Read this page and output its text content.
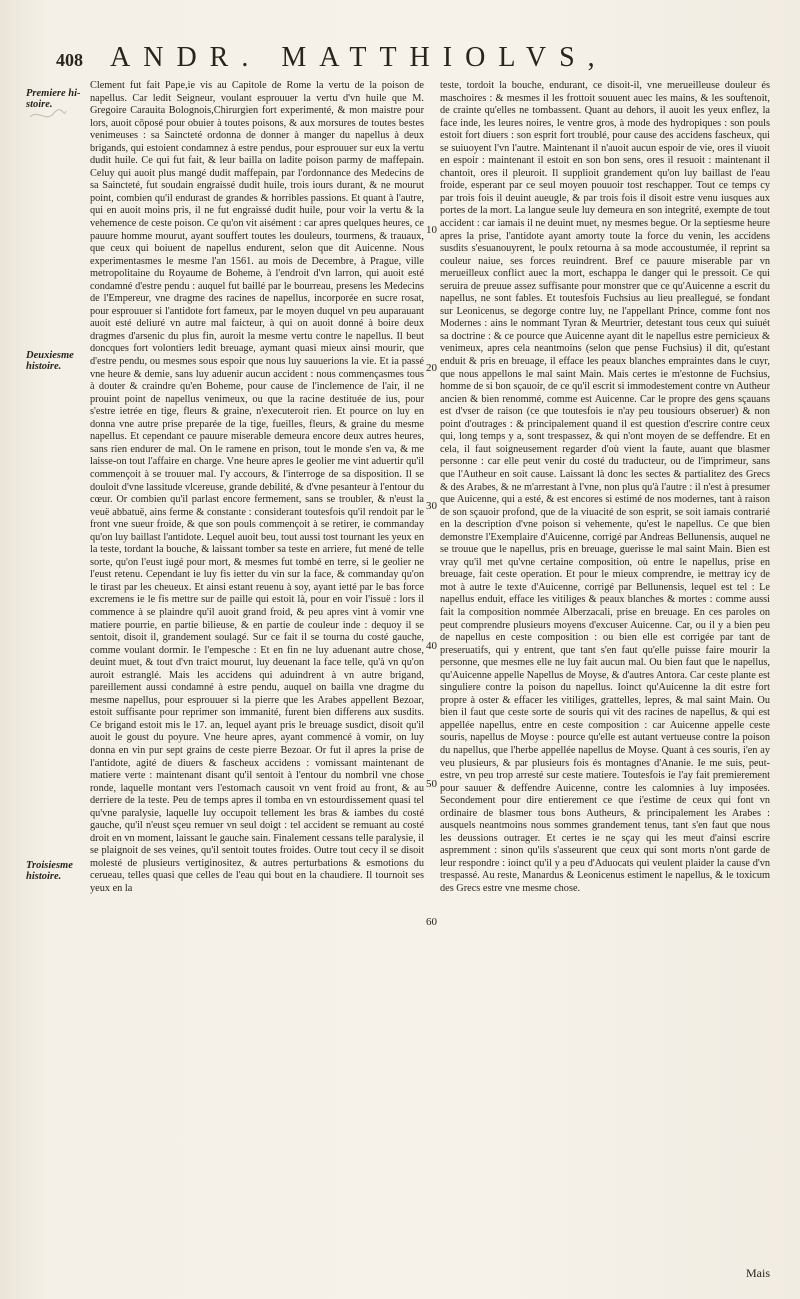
408 ANDR. MATTHIOLVS,
Premiere hi-
stoire.
Deuxiesme
histoire.
Troisiesme
histoire.
10
20
30
40
50
60

Clement fut fait Pape,ie vis au Capitole de Rome la vertu de la poison de napellus. Car ledit Seigneur, voulant esprouuer la vertu d'vn huile que M. Gregoire Carauita Bolognois,Chirurgien fort experimenté, & mon maistre pour lors, auoit cōposé pour obuier à toutes poisons, & aux morsures de toutes bestes venimeuses : sa Saincteté ordonna de donner à manger du napellus à deux brigands, qui estoient condamnez à estre pendus, pour esprouuer sur eux la vertu dudit huile. Ce qui fut fait, & leur bailla on ladite poison parmy de maffepain. Celuy qui auoit plus mangé dudit maffepain, par l'ordonnance des Medecins de sa Saincteté, fut soudain engraissé dudit huile, trois iours durant, & ne mourut point, combien qu'il endurast de grandes & horribles passions. Et quant à l'autre, qui en auoit moins pris, il ne fut engraissé dudit huile, pour voir la vertu & la vehemence de ceste poison. Ce qu'on vit aisément : car apres quelques heures, ce pauure homme mourut, ayant souffert toutes les douleurs, tourmens, & trauaux, que ceux qui boiuent de napellus endurent, selon que dit Auicenne. Nous experimentasmes le mesme l'an 1561. au mois de Decembre, à Prague, ville metropolitaine du Royaume de Boheme, à l'endroit d'vn larron, qui auoit esté condamné d'estre pendu : auquel fut baillé par le bourreau, presens les Medecins de l'Empereur, vne dragme des racines de napellus, incorporée en sucre rosat, pour esprouuer si l'antidote fort fameux, par le moyen duquel vn peu auparauant auoit esté deliuré vn autre mal faicteur, à qui on auoit donné à boire deux dragmes d'arsenic du plus fin, auroit la mesme vertu contre le napellus. Il beut doncques fort volontiers ledit breuage, aymant quasi mieux ainsi mourir, que d'estre pendu, ou mesmes sous espoir que nous luy sauuerions la vie. Et ia passé vne heure & demie, sans luy aduenir aucun accident : nous commençasmes tous à douter & craindre qu'en Boheme, pour cause de l'inclemence de l'air, il ne prouint point de napellus venimeux, ou que la racine destituée de ius, pour s'estre ietrée en tige, fleurs & graine, n'executeroit rien. Et pource on luy en donna vne autre prise preparée de la tige, fueilles, fleurs, & graine du mesme napellus. Et cependant ce pauure miserable demeura encore deux autres heures, sans rien endurer de mal. On le ramene en prison, tout le monde s'en va, & me laisse-on tout l'affaire en charge. Vne heure apres le geolier me vint aduertir qu'il commençoit à se trouuer mal. I'y accours, & l'interroge de sa disposition. Il se douloit d'vne lassitude vlcereuse, grande debilité, & d'vne pesanteur à l'entour du cœur. Or combien qu'il parlast encore fermement, sans se troubler, & n'eust la veuë abbatuë, ains ferme & constante : considerant toutesfois qu'il rendoit par le front vne sueur froide, & que son pouls commençoit à se retirer, ie commanday qu'on luy baillast l'antidote. Lequel auoit beu, tout aussi tost tournant les yeux en la teste, tordant la bouche, & laissant tomber sa teste en arriere, fut mené de telle sorte, qu'on l'eust iugé pour mort, & mesmes fut tombé en terre, si le geolier ne l'eust retenu. Cependant ie luy fis ietter du vin sur la face, & commanday qu'on le tirast par les cheueux. Et ainsi estant reuenu à soy, ayant ietté par le bas force excremens ie le fis mettre sur de paille qui estoit là, pour en voir l'issuë : lors il commence à se plaindre qu'il auoit grand froid, & peu apres vint à vomir vne matiere pourrie, en partie bilieuse, & en partie de couleur inde : dequoy il se sentoit, disoit il, grandement soulagé. Sur ce fait il se tourna du costé gauche, comme voulant dormir. Ie l'empesche : Et en fin ne luy aduenant autre chose, deuint muet, & tout d'vn traict mourut, luy deuenant la face telle, qu'à vn qu'on auroit estranglé. Mais les accidens qui aduindrent à vn autre brigand, pareillement aussi condamné à estre pendu, auquel on bailla vne dragme du mesme napellus, pour esprouuer si la pierre que les Arabes appellent Bezoar, estoit suffisante pour reprimer son immanité, furent bien differens aux susdits. Ce brigand estoit mis le 17. an, lequel ayant pris le breuage susdict, disoit qu'il auoit le goust du poyure. Vne heure apres, ayant commencé à vomir, on luy donna en vin pur sept grains de ceste pierre Bezoar. Or fut il apres la prise de l'antidote, agité de diuers & fascheux accidens : vomissant maintenant de matiere verte : maintenant disant qu'il sentoit à l'entour du nombril vne chose ronde, laquelle montant vers l'estomach causoit vn vent froid au front, & au derriere de la teste. Peu de temps apres il tomba en vn estourdissement quasi tel qu'vne paralysie, laquelle luy occupoit tellement les bras & iambes du costé gauche, qu'il n'eust sçeu remuer vn seul doigt : tel accident se remuant au costé droit en vn moment, laissant le gauche sain. Finalement cessans telle paralysie, il se plaignoit de ses veines, qu'il sentoit toutes froides. Outre tout cecy il se disoit molesté de plusieurs vertiginositez, & autres perturbations & esmotions du cerueau, telles quasi que celles de l'eau qui bout en la chaudiere. Il tournoit ses yeux en la

teste, tordoit la bouche, endurant, ce disoit-il, vne merueilleuse douleur és maschoires : & mesmes il les frottoit souuent auec les mains, & les souftenoit, de crainte qu'elles ne tombassent. Quant au dehors, il auoit les yeux enflez, la face inde, les leures noires, le ventre gros, à mode des hydropiques : son pouls estoit fort diuers : son esprit fort troublé, pour cause des accidens fascheux, qui se suiuoyent l'vn l'autre. Maintenant il n'auoit aucun espoir de vie, ores il viuoit en espoir : maintenant il estoit en son bon sens, ores il resuoit : maintenant il chantoit, ores il pleuroit. Il supplioit grandement qu'on luy baillast de l'eau froide, esperant par ce seul moyen pouuoir tost reschapper. Tout ce temps cy par trois fois il deuint aueugle, & par trois fois il disoit estre venu iusques aux portes de la mort. La langue seule luy demeura en son integrité, exempte de tout accident : car iamais il ne deuint muet, ny mesmes begue. Or la septiesme heure apres la prise, l'antidote ayant amorty toute la force du venin, les accidens susdits s'esuanouyrent, le poulx retourna à sa mode accoustumée, il reprint sa couleur naiue, ses forces reuindrent. Bref ce pauure miserable par vn merueilleux conflict auec la mort, eschappa le danger qui le pressoit. Ce qui seruira de preuue assez suffisante pour monstrer que ce qu'Auicenne a escrit du napellus, ne sont fables. Et toutesfois Fuchsius au lieu preallegué, se fondant sur Leonicenus, se degorge contre luy, ne l'appellant Prince, comme font nos Modernes : ains le nommant Tyran & Meurtrier, detestant tous ceux qui suiuét sa doctrine : & ce pource que Auicenne ayant dit le napellus estre pernicieux & venimeux, apres cela neantmoins (selon que pense Fuchsius) il dit, qu'estant enduit & pris en breuage, il efface les peaux blanches empraintes dans le cuyr, que nous appellons le mal saint Main. Mais certes ie m'estonne de Fuchsius, homme de si bon sçauoir, de ce qu'il escrit si immodestement contre vn Autheur ancien & bien renommé, comme est Auicenne. Car le propre des gens sçauans est d'vser de raison (ce que toutesfois ie n'ay peu tousiours obseruer) & non point d'outrages : & principalement quand il est question d'escrire contre ceux qui, long temps y a, sont trespassez, & qui n'ont moyen de se deffendre. Et en cela, il faut soigneusement regarder d'où vient la faute, auant que blasmer personne : car elle peut venir du costé du traducteur, ou de l'imprimeur, sans que l'Autheur en soit cause. Laissant là donc les sectes & partialitez des Grecs & des Arabes, & ne m'arrestant à l'vne, non plus qu'à l'autre : il n'est à presumer que Auicenne, qui a esté, & est encores si estimé de nos modernes, tant à raison de son sçauoir profond, que de la viuacité de son esprit, se soit iamais contrarié en la description d'vne poison si vehemente, qu'est le napellus. Ce que bien demonstre l'Exemplaire d'Auicenne, corrigé par Andreas Bellunensis, auquel ne se trouue que le napellus, pris en breuage, guerisse le mal saint Main. Bien est vray qu'il met qu'vne certaine composition, où entre le napellus, prise en breuage, fait ceste operation. Et pour le mieux comprendre, ie mettray icy de mot à autre le texte d'Auicenne, corrigé par Bellunensis, lequel est tel : Le napellus enduit, efface les vitiliges & peaux blanches & mortes : comme aussi fait la composition nommée Alberzacali, prise en breuage. En ces paroles on peut comprendre plusieurs moyens d'excuser Auicenne. Car, ou il y a bien peu de napellus en ceste composition : ou bien elle est corrigée par tant de preseruatifs, qui y entrent, que tant s'en faut qu'elle puisse faire mourir la personne, que mesmes elle ne luy fait aucun mal. Ou bien faut que le napellus, qu'Auicenne appelle Napellus de Moyse, & d'autres Antora. Car ceste plante est singuliere contre la poison du napellus. Ioinct qu'Auicenne la dit estre fort propre à oster & effacer les vitiliges, grattelles, lepres, & mal saint Main. Ou bien il faut que ceste sorte de souris qui vit des racines de napellus, & qui est appellée napellus, entre en ceste composition : car Auicenne appelle ceste souris, napellus de Moyse : pource qu'elle est autant vertueuse contre la poison du napellus, que l'herbe appellée napellus de Moyse. Quant à ces souris, i'en ay veu plusieurs, & par plusieurs fois és montagnes d'Ananie. Ie me suis, peut-estre, vn peu trop arresté sur ceste matiere. Toutesfois ie l'ay fait premierement pour sauuer & deffendre Auicenne, contre les calomnies à luy imposées. Secondement pour dire entierement ce que i'estime de ceux qui font vn ordinaire de blasmer tous bons Autheurs, & principalement les Arabes : ausquels neantmoins nous sommes grandement tenus, tant s'en faut que nous les deussions outrager. Et certes ie ne sçay qui les meut d'ainsi escrire aspremment : sinon qu'ils s'asseurent que ceux qui sont morts n'ont garde de leur respondre : ioinct qu'il y a peu d'Aduocats qui veulent plaider la cause d'vn trespassé. Au reste, Manardus & Leonicenus estiment le napellus, & le toxicum des Grecs estre vne mesme chose.

Mais
